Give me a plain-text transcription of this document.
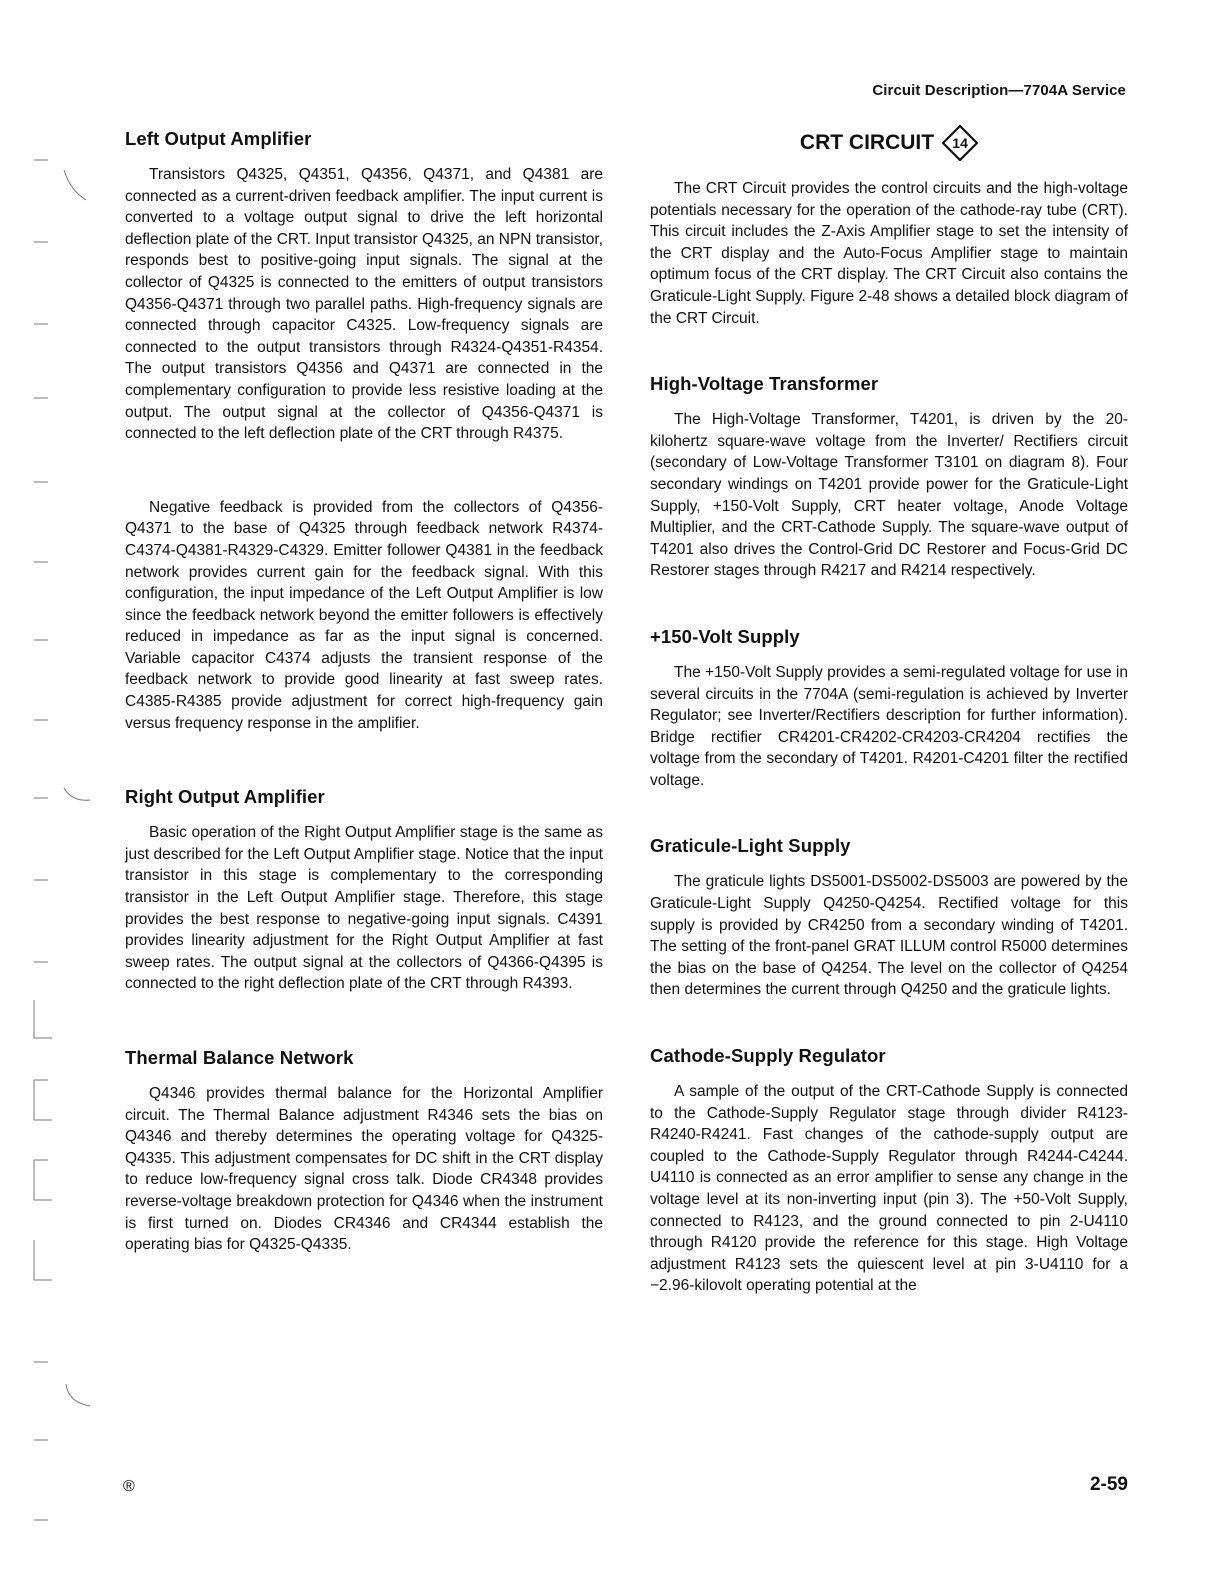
Circuit Description—7704A Service
Left Output Amplifier

Transistors Q4325, Q4351, Q4356, Q4371, and Q4381 are connected as a current-driven feedback amplifier. The input current is converted to a voltage output signal to drive the left horizontal deflection plate of the CRT. Input transistor Q4325, an NPN transistor, responds best to positive-going input signals. The signal at the collector of Q4325 is connected to the emitters of output transistors Q4356-Q4371 through two parallel paths. High-frequency signals are connected through capacitor C4325. Low-frequency signals are connected to the output transistors through R4324-Q4351-R4354. The output transistors Q4356 and Q4371 are connected in the complementary configuration to provide less resistive loading at the output. The output signal at the collector of Q4356-Q4371 is connected to the left deflection plate of the CRT through R4375.

Negative feedback is provided from the collectors of Q4356-Q4371 to the base of Q4325 through feedback network R4374-C4374-Q4381-R4329-C4329. Emitter follower Q4381 in the feedback network provides current gain for the feedback signal. With this configuration, the input impedance of the Left Output Amplifier is low since the feedback network beyond the emitter followers is effectively reduced in impedance as far as the input signal is concerned. Variable capacitor C4374 adjusts the transient response of the feedback network to provide good linearity at fast sweep rates. C4385-R4385 provide adjustment for correct high-frequency gain versus frequency response in the amplifier.

Right Output Amplifier

Basic operation of the Right Output Amplifier stage is the same as just described for the Left Output Amplifier stage. Notice that the input transistor in this stage is complementary to the corresponding transistor in the Left Output Amplifier stage. Therefore, this stage provides the best response to negative-going input signals. C4391 provides linearity adjustment for the Right Output Amplifier at fast sweep rates. The output signal at the collectors of Q4366-Q4395 is connected to the right deflection plate of the CRT through R4393.

Thermal Balance Network

Q4346 provides thermal balance for the Horizontal Amplifier circuit. The Thermal Balance adjustment R4346 sets the bias on Q4346 and thereby determines the operating voltage for Q4325-Q4335. This adjustment compensates for DC shift in the CRT display to reduce low-frequency signal cross talk. Diode CR4348 provides reverse-voltage breakdown protection for Q4346 when the instrument is first turned on. Diodes CR4346 and CR4344 establish the operating bias for Q4325-Q4335.

CRT CIRCUIT	14

The CRT Circuit provides the control circuits and the high-voltage potentials necessary for the operation of the cathode-ray tube (CRT). This circuit includes the Z-Axis Amplifier stage to set the intensity of the CRT display and the Auto-Focus Amplifier stage to maintain optimum focus of the CRT display. The CRT Circuit also contains the Graticule-Light Supply. Figure 2-48 shows a detailed block diagram of the CRT Circuit.

High-Voltage Transformer

The High-Voltage Transformer, T4201, is driven by the 20-kilohertz square-wave voltage from the Inverter/ Rectifiers circuit (secondary of Low-Voltage Transformer T3101 on diagram 8). Four secondary windings on T4201 provide power for the Graticule-Light Supply, +150-Volt Supply, CRT heater voltage, Anode Voltage Multiplier, and the CRT-Cathode Supply. The square-wave output of T4201 also drives the Control-Grid DC Restorer and Focus-Grid DC Restorer stages through R4217 and R4214 respectively.

+150-Volt Supply

The +150-Volt Supply provides a semi-regulated voltage for use in several circuits in the 7704A (semi-regulation is achieved by Inverter Regulator; see Inverter/Rectifiers description for further information). Bridge rectifier CR4201-CR4202-CR4203-CR4204 rectifies the voltage from the secondary of T4201. R4201-C4201 filter the rectified voltage.

Graticule-Light Supply

The graticule lights DS5001-DS5002-DS5003 are powered by the Graticule-Light Supply Q4250-Q4254. Rectified voltage for this supply is provided by CR4250 from a secondary winding of T4201. The setting of the front-panel GRAT ILLUM control R5000 determines the bias on the base of Q4254. The level on the collector of Q4254 then determines the current through Q4250 and the graticule lights.

Cathode-Supply Regulator

A sample of the output of the CRT-Cathode Supply is connected to the Cathode-Supply Regulator stage through divider R4123-R4240-R4241. Fast changes of the cathode-supply output are coupled to the Cathode-Supply Regulator through R4244-C4244. U4110 is connected as an error amplifier to sense any change in the voltage level at its non-inverting input (pin 3). The +50-Volt Supply, connected to R4123, and the ground connected to pin 2-U4110 through R4120 provide the reference for this stage. High Voltage adjustment R4123 sets the quiescent level at pin 3-U4110 for a −2.96-kilovolt operating potential at the

®	2-59
